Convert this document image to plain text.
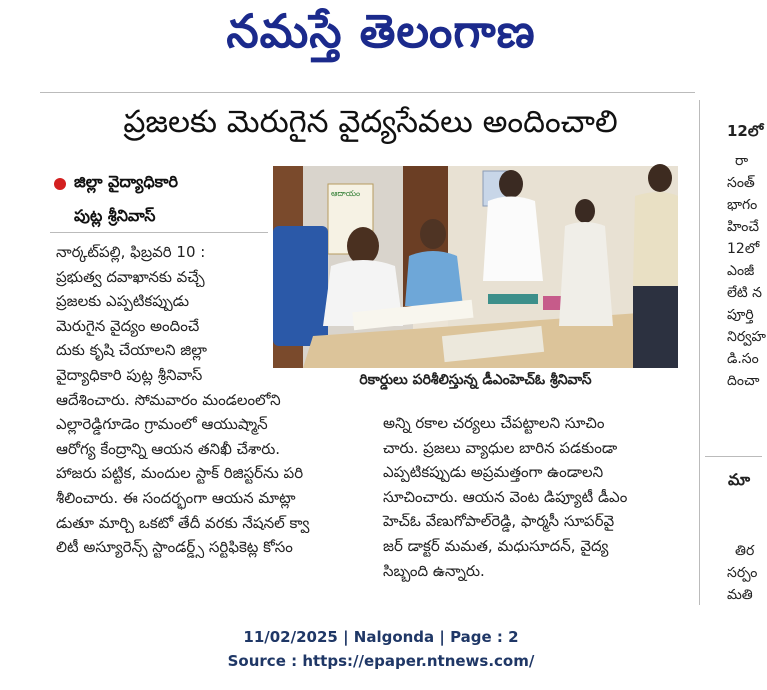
నమస్తే తెలంగాణ
ప్రజలకు మెరుగైన వైద్యసేవలు అందించాలి
జిల్లా వైద్యాధికారి
పుట్ల శ్రీనివాస్
నార్కట్‌పల్లి, ఫిబ్రవరి 10 :
ప్రభుత్వ దవాఖానకు వచ్చే
ప్రజలకు ఎప్పటికప్పుడు
మెరుగైన వైద్యం అందించే
దుకు కృషి చేయాలని జిల్లా
వైద్యాధికారి పుట్ల శ్రీనివాస్
ఆదేశించారు. సోమవారం మండలంలోని
ఎల్లారెడ్డిగూడెం గ్రామంలో ఆయుష్మాన్
ఆరోగ్య కేంద్రాన్ని ఆయన తనిఖీ చేశారు.
హాజరు పట్టిక, మందుల స్టాక్ రిజిస్టర్‌ను పరి
శీలించారు. ఈ సందర్భంగా ఆయన మాట్లా
డుతూ మార్చి ఒకటో తేదీ వరకు నేషనల్ క్వా
లిటీ అస్యూరెన్స్ స్టాండర్డ్స్ సర్టిఫికెట్ల కోసం
ఆదాయం
రికార్డులు పరిశీలిస్తున్న డీఎంహెచ్‌ఓ శ్రీనివాస్
అన్ని రకాల చర్యలు చేపట్టాలని సూచిం
చారు. ప్రజలు వ్యాధుల బారిన పడకుండా
ఎప్పటికప్పుడు అప్రమత్తంగా ఉండాలని
సూచించారు. ఆయన వెంట డిప్యూటీ డీఎం
హెచ్‌ఓ వేణుగోపాల్‌రెడ్డి, ఫార్మసీ సూపర్‌వై
జర్ డాక్టర్ మమత, మధుసూదన్, వైద్య
సిబ్బంది ఉన్నారు.
12లో
రా
సంత్
భాగం
హించే
12లో
ఎంజీ
లేటి న
పూర్తి
నిర్వహ
డి.సం
దించా
మా
తిర
సర్పం
మతి
11/02/2025 | Nalgonda | Page : 2
Source : https://epaper.ntnews.com/
